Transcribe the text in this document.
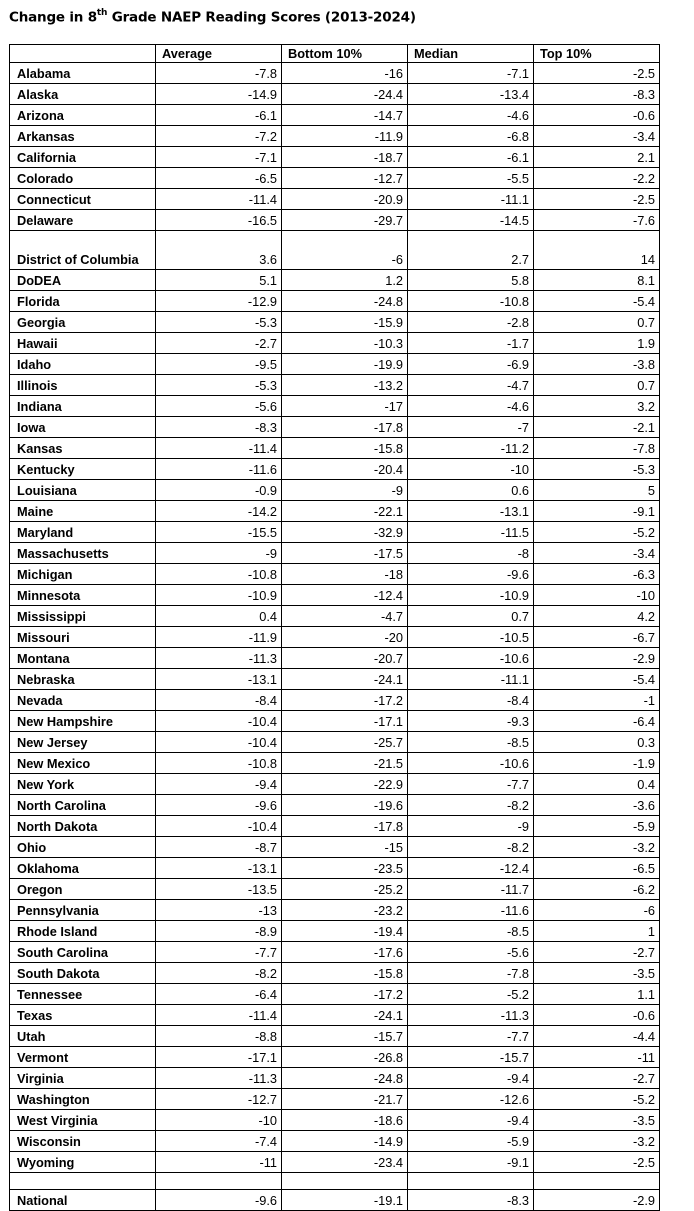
Change in 8th Grade NAEP Reading Scores (2013-2024)
	Average	Bottom 10%	Median	Top 10%
Alabama	-7.8	-16	-7.1	-2.5
Alaska	-14.9	-24.4	-13.4	-8.3
Arizona	-6.1	-14.7	-4.6	-0.6
Arkansas	-7.2	-11.9	-6.8	-3.4
California	-7.1	-18.7	-6.1	2.1
Colorado	-6.5	-12.7	-5.5	-2.2
Connecticut	-11.4	-20.9	-11.1	-2.5
Delaware	-16.5	-29.7	-14.5	-7.6
District of Columbia	3.6	-6	2.7	14
DoDEA	5.1	1.2	5.8	8.1
Florida	-12.9	-24.8	-10.8	-5.4
Georgia	-5.3	-15.9	-2.8	0.7
Hawaii	-2.7	-10.3	-1.7	1.9
Idaho	-9.5	-19.9	-6.9	-3.8
Illinois	-5.3	-13.2	-4.7	0.7
Indiana	-5.6	-17	-4.6	3.2
Iowa	-8.3	-17.8	-7	-2.1
Kansas	-11.4	-15.8	-11.2	-7.8
Kentucky	-11.6	-20.4	-10	-5.3
Louisiana	-0.9	-9	0.6	5
Maine	-14.2	-22.1	-13.1	-9.1
Maryland	-15.5	-32.9	-11.5	-5.2
Massachusetts	-9	-17.5	-8	-3.4
Michigan	-10.8	-18	-9.6	-6.3
Minnesota	-10.9	-12.4	-10.9	-10
Mississippi	0.4	-4.7	0.7	4.2
Missouri	-11.9	-20	-10.5	-6.7
Montana	-11.3	-20.7	-10.6	-2.9
Nebraska	-13.1	-24.1	-11.1	-5.4
Nevada	-8.4	-17.2	-8.4	-1
New Hampshire	-10.4	-17.1	-9.3	-6.4
New Jersey	-10.4	-25.7	-8.5	0.3
New Mexico	-10.8	-21.5	-10.6	-1.9
New York	-9.4	-22.9	-7.7	0.4
North Carolina	-9.6	-19.6	-8.2	-3.6
North Dakota	-10.4	-17.8	-9	-5.9
Ohio	-8.7	-15	-8.2	-3.2
Oklahoma	-13.1	-23.5	-12.4	-6.5
Oregon	-13.5	-25.2	-11.7	-6.2
Pennsylvania	-13	-23.2	-11.6	-6
Rhode Island	-8.9	-19.4	-8.5	1
South Carolina	-7.7	-17.6	-5.6	-2.7
South Dakota	-8.2	-15.8	-7.8	-3.5
Tennessee	-6.4	-17.2	-5.2	1.1
Texas	-11.4	-24.1	-11.3	-0.6
Utah	-8.8	-15.7	-7.7	-4.4
Vermont	-17.1	-26.8	-15.7	-11
Virginia	-11.3	-24.8	-9.4	-2.7
Washington	-12.7	-21.7	-12.6	-5.2
West Virginia	-10	-18.6	-9.4	-3.5
Wisconsin	-7.4	-14.9	-5.9	-3.2
Wyoming	-11	-23.4	-9.1	-2.5

National	-9.6	-19.1	-8.3	-2.9
